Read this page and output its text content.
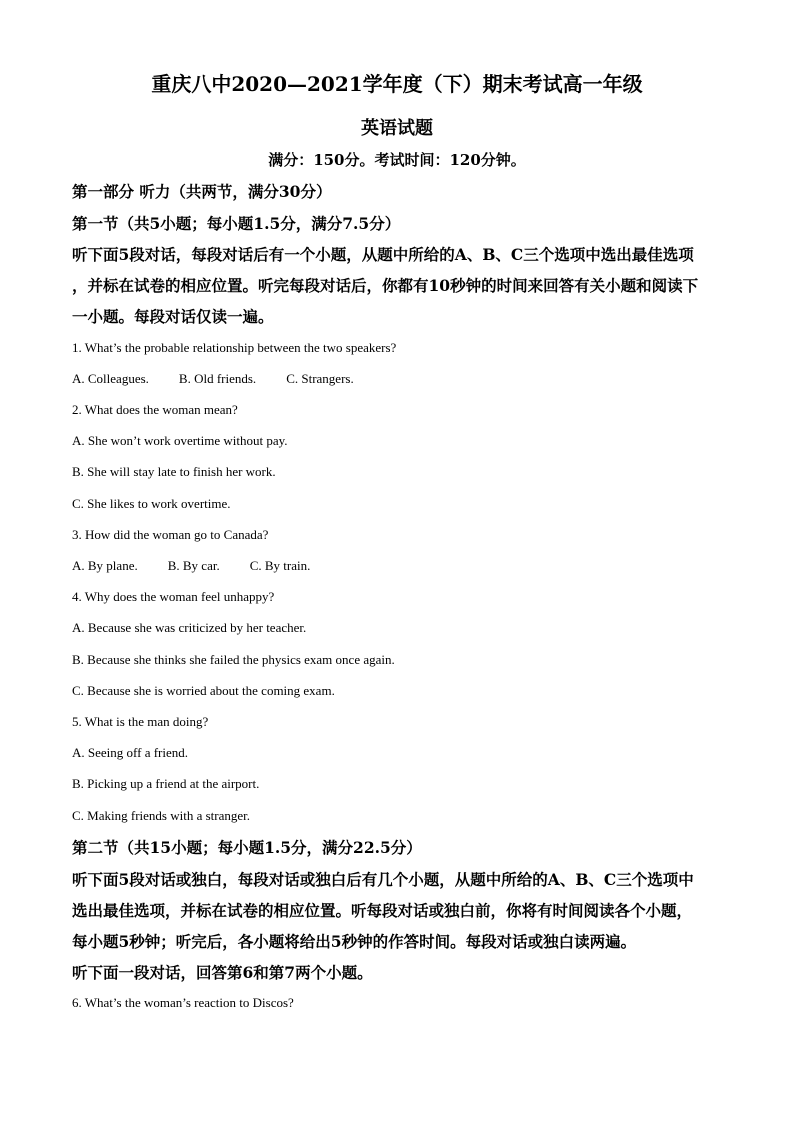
重庆八中2020—2021学年度（下）期末考试高一年级
英语试题
满分：150分。考试时间：120分钟。
第一部分 听力（共两节，满分30分）
第一节（共5小题；每小题1.5分，满分7.5分）
听下面5段对话，每段对话后有一个小题，从题中所给的A、B、C三个选项中选出最佳选项
，并标在试卷的相应位置。听完每段对话后，你都有10秒钟的时间来回答有关小题和阅读下
一小题。每段对话仅读一遍。
1. What’s the probable relationship between the two speakers?
A. Colleagues. B. Old friends. C. Strangers.
2. What does the woman mean?
A. She won’t work overtime without pay.
B. She will stay late to finish her work.
C. She likes to work overtime.
3. How did the woman go to Canada?
A. By plane. B. By car. C. By train.
4. Why does the woman feel unhappy?
A. Because she was criticized by her teacher.
B. Because she thinks she failed the physics exam once again.
C. Because she is worried about the coming exam.
5. What is the man doing?
A. Seeing off a friend.
B. Picking up a friend at the airport.
C. Making friends with a stranger.
第二节（共15小题；每小题1.5分，满分22.5分）
听下面5段对话或独白，每段对话或独白后有几个小题，从题中所给的A、B、C三个选项中
选出最佳选项，并标在试卷的相应位置。听每段对话或独白前，你将有时间阅读各个小题，
每小题5秒钟；听完后，各小题将给出5秒钟的作答时间。每段对话或独白读两遍。
听下面一段对话，回答第6和第7两个小题。
6. What’s the woman’s reaction to Discos?
